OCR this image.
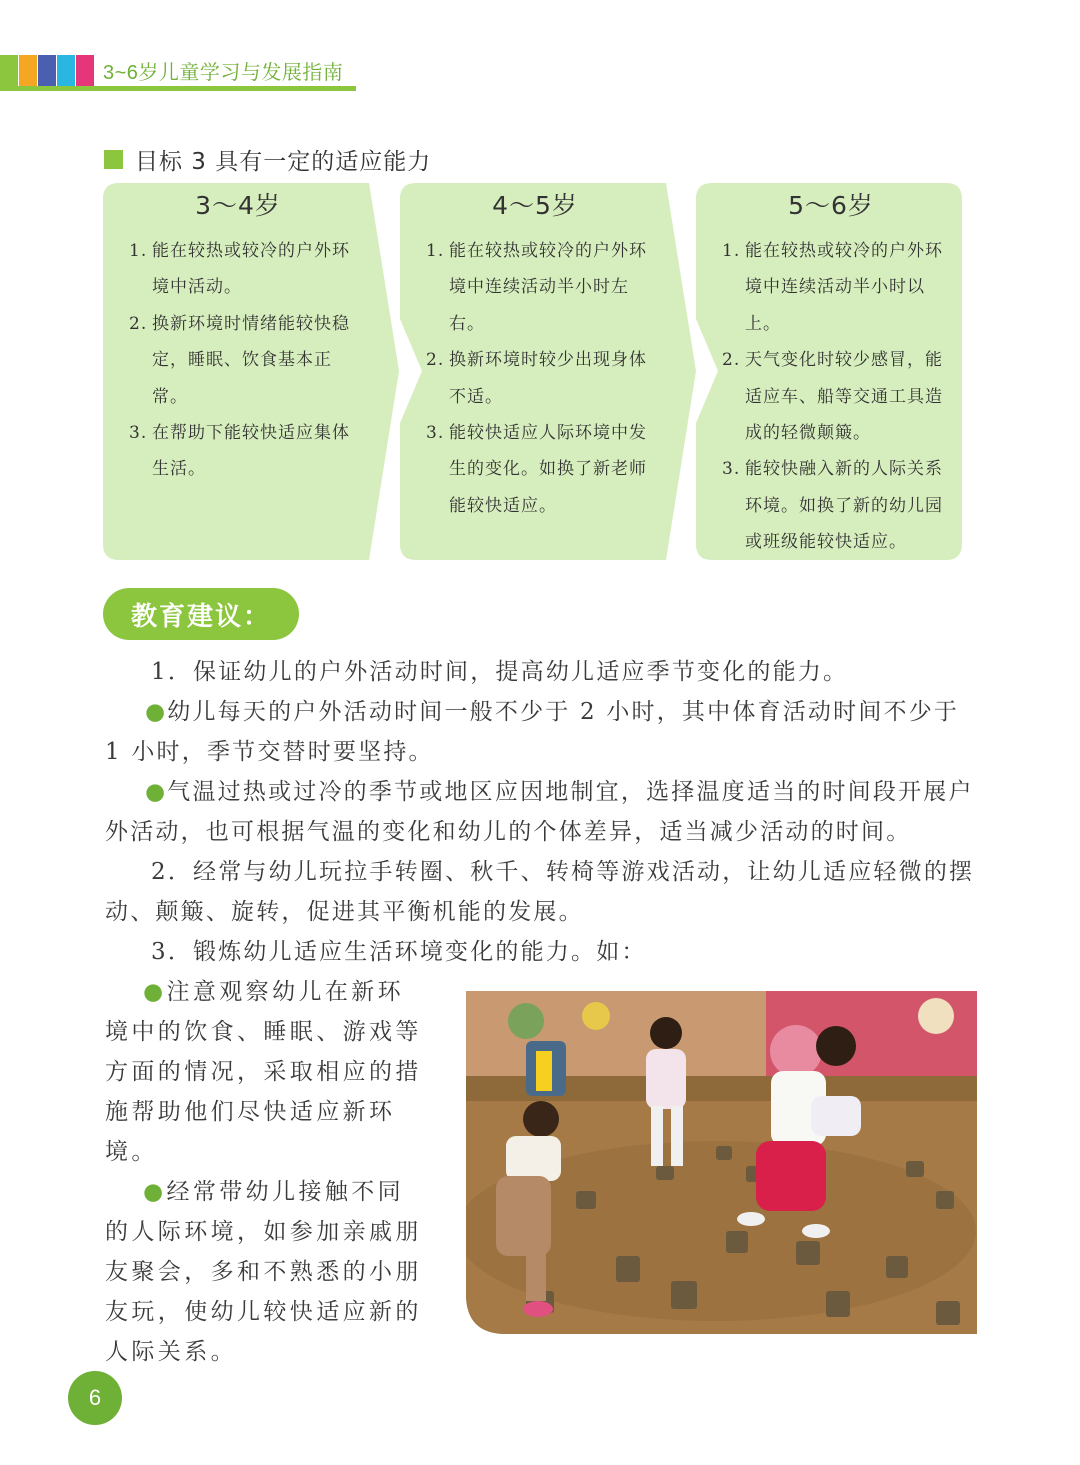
3~6岁儿童学习与发展指南
目标 3 具有一定的适应能力
3～4岁
1. 能在较热或较冷的户外环境中活动。
2. 换新环境时情绪能较快稳定，睡眠、饮食基本正常。
3. 在帮助下能较快适应集体生活。
4～5岁
1. 能在较热或较冷的户外环境中连续活动半小时左右。
2. 换新环境时较少出现身体不适。
3. 能较快适应人际环境中发生的变化。如换了新老师能较快适应。
5～6岁
1. 能在较热或较冷的户外环境中连续活动半小时以上。
2. 天气变化时较少感冒，能适应车、船等交通工具造成的轻微颠簸。
3. 能较快融入新的人际关系环境。如换了新的幼儿园或班级能较快适应。
教育建议：
1．保证幼儿的户外活动时间，提高幼儿适应季节变化的能力。
●幼儿每天的户外活动时间一般不少于 2 小时，其中体育活动时间不少于 1 小时，季节交替时要坚持。
●气温过热或过冷的季节或地区应因地制宜，选择温度适当的时间段开展户外活动，也可根据气温的变化和幼儿的个体差异，适当减少活动的时间。
2．经常与幼儿玩拉手转圈、秋千、转椅等游戏活动，让幼儿适应轻微的摆动、颠簸、旋转，促进其平衡机能的发展。
3．锻炼幼儿适应生活环境变化的能力。如：

●注意观察幼儿在新环境中的饮食、睡眠、游戏等方面的情况，采取相应的措施帮助他们尽快适应新环境。

●经常带幼儿接触不同的人际环境，如参加亲戚朋友聚会，多和不熟悉的小朋友玩，使幼儿较快适应新的人际关系。

6
